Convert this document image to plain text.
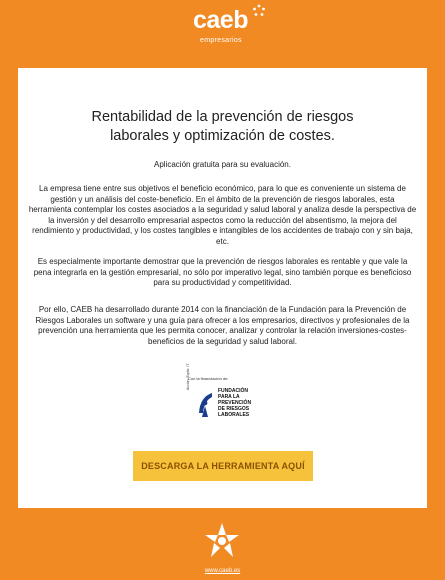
caeb
empresarios
Rentabilidad de la prevención de riesgos
laborales y optimización de costes.
Aplicación gratuita para su evaluación.

La empresa tiene entre sus objetivos el beneficio económico, para lo que es conveniente un sistema de gestión y un análisis del coste-beneficio. En el ámbito de la prevención de riesgos laborales, esta herramienta contemplar los costes asociados a la seguridad y salud laboral y analiza desde la perspectiva de la inversión y del desarrollo empresarial aspectos como la reducción del absentismo, la mejora del rendimiento y productividad, y los costes tangibles e intangibles de los accidentes de trabajo con y sin baja, etc.

Es especialmente importante demostrar que la prevención de riesgos laborales es rentable y que vale la pena integrarla en la gestión empresarial, no sólo por imperativo legal, sino también porque es beneficioso para su productividad y competitividad.

Por ello, CAEB ha desarrollado durante 2014 con la financiación de la Fundación para la Prevención de Riesgos Laborales un software y una guía para ofrecer a los empresarios, directivos y profesionales de la prevención una herramienta que les permita conocer, analizar y controlar la relación inversiones-costes-beneficios de la seguridad y salud laboral.

Con la financiación de:
Acción: Expte. IT
FUNDACIÓN
PARA LA
PREVENCIÓN
DE RIESGOS
LABORALES
DESCARGA LA HERRAMIENTA AQUÍ
www.caeb.es
